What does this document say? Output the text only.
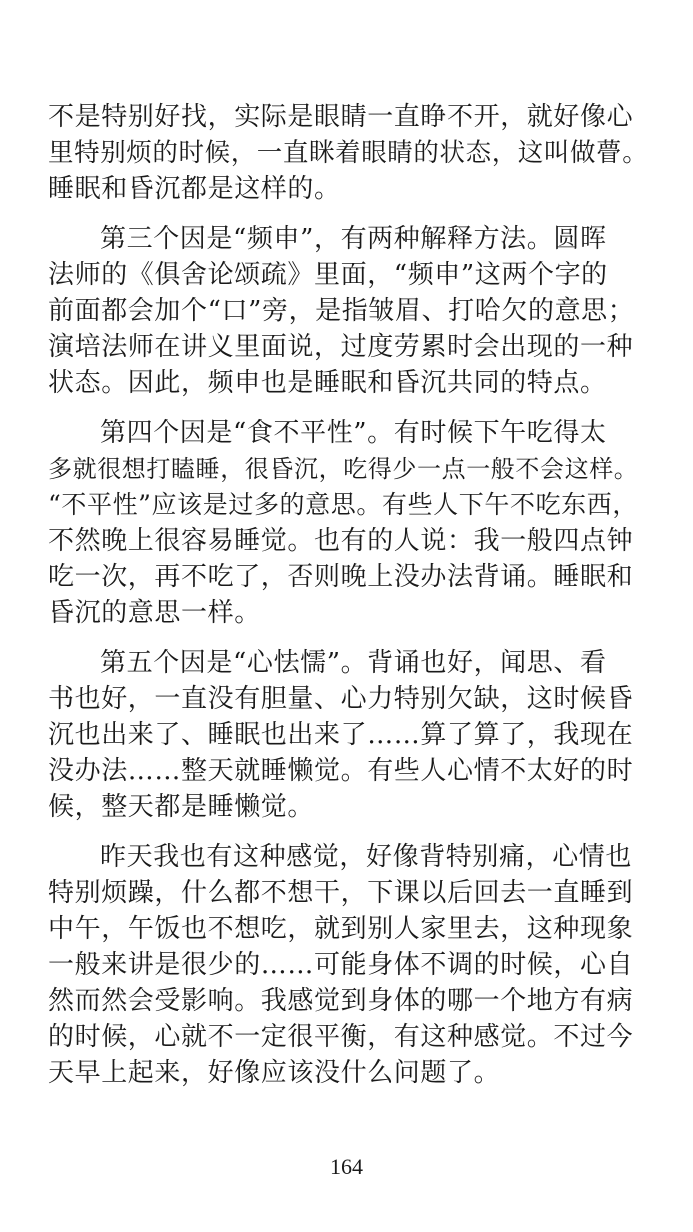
不是特别好找，实际是眼睛一直睁不开，就好像心
里特别烦的时候，一直眯着眼睛的状态，这叫做瞢。
睡眠和昏沉都是这样的。
第三个因是“频申”，有两种解释方法。圆晖
法师的《俱舍论颂疏》里面，“频申”这两个字的
前面都会加个“口”旁，是指皱眉、打哈欠的意思；
演培法师在讲义里面说，过度劳累时会出现的一种
状态。因此，频申也是睡眠和昏沉共同的特点。
第四个因是“食不平性”。有时候下午吃得太
多就很想打瞌睡，很昏沉，吃得少一点一般不会这样。
“不平性”应该是过多的意思。有些人下午不吃东西，
不然晚上很容易睡觉。也有的人说：我一般四点钟
吃一次，再不吃了，否则晚上没办法背诵。睡眠和
昏沉的意思一样。
第五个因是“心怯懦”。背诵也好，闻思、看
书也好，一直没有胆量、心力特别欠缺，这时候昏
沉也出来了、睡眠也出来了……算了算了，我现在
没办法……整天就睡懒觉。有些人心情不太好的时
候，整天都是睡懒觉。
昨天我也有这种感觉，好像背特别痛，心情也
特别烦躁，什么都不想干，下课以后回去一直睡到
中午，午饭也不想吃，就到别人家里去，这种现象
一般来讲是很少的……可能身体不调的时候，心自
然而然会受影响。我感觉到身体的哪一个地方有病
的时候，心就不一定很平衡，有这种感觉。不过今
天早上起来，好像应该没什么问题了。
164
